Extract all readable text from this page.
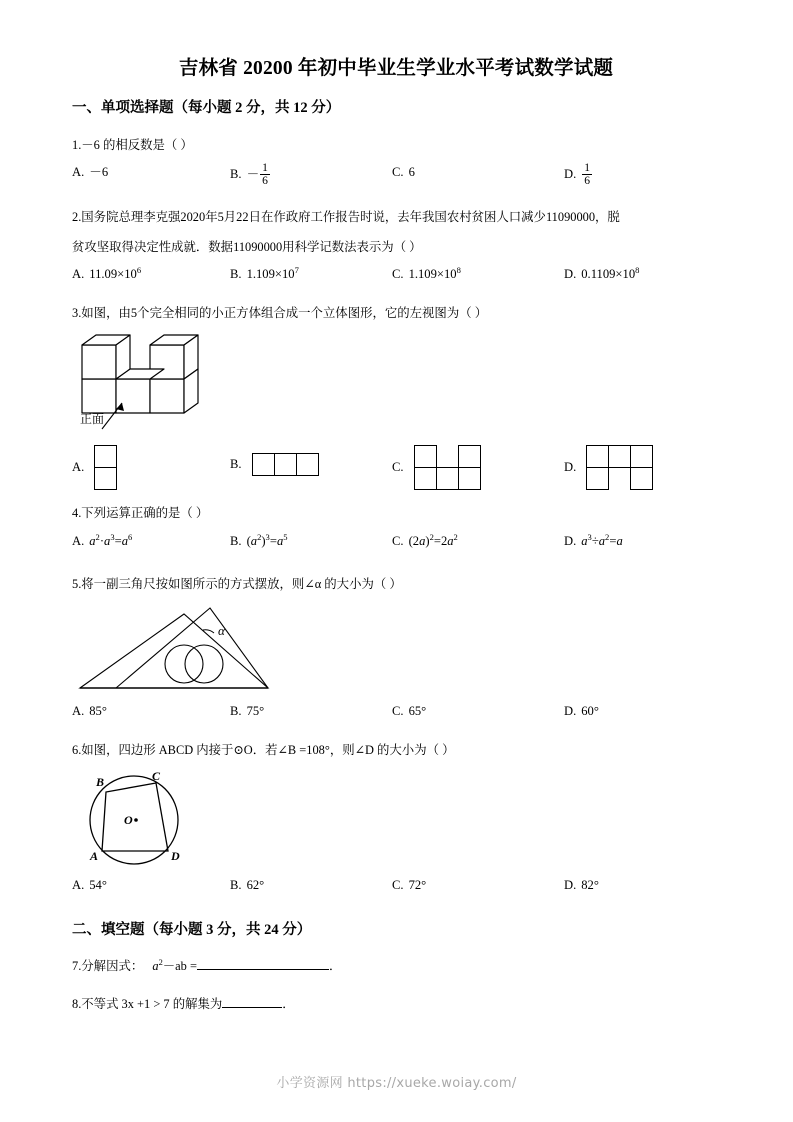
吉林省 20200 年初中毕业生学业水平考试数学试题
一、单项选择题（每小题 2 分，共 12 分）
1.－6 的相反数是（ ）
A. －6	B. － $\frac{1}{6}$	C. 6	D. $\frac{1}{6}$
2.国务院总理李克强2020年5月22日在作政府工作报告时说，去年我国农村贫困人口减少11090000，脱
贫攻坚取得决定性成就．数据11090000用科学记数法表示为（ ）
A. $11.09\times 10^6$	B. $1.109\times 10^7$	C. $1.109\times 10^8$	D. $0.1109\times 10^8$
3.如图，由5个完全相同的小正方体组合成一个立体图形，它的左视图为（ ）
正面
A.	B.
			C.

			D.

4.下列运算正确的是（ ）
A. $a^2\cdot a^3=a^6$	B. $(a^2)^3=a^5$	C. $(2a)^2=2a^2$	D. $a^3\div a^2=a$
5.将一副三角尺按如图所示的方式摆放，则∠α 的大小为（ ）
α
A. 85°	B. 75°	C. 65°	D. 60°
6.如图，四边形 ABCD 内接于⊙O．若∠B =108°，则∠D 的大小为（ ）
O
A
B	C
D
A. 54°	B. 62°	C. 72°	D. 82°
二、填空题（每小题 3 分，共 24 分）
7.分解因式： $a^2-ab$ =	．
8.不等式 3x +1 > 7 的解集为	．
小学资源网 https://xueke.woiay.com/
